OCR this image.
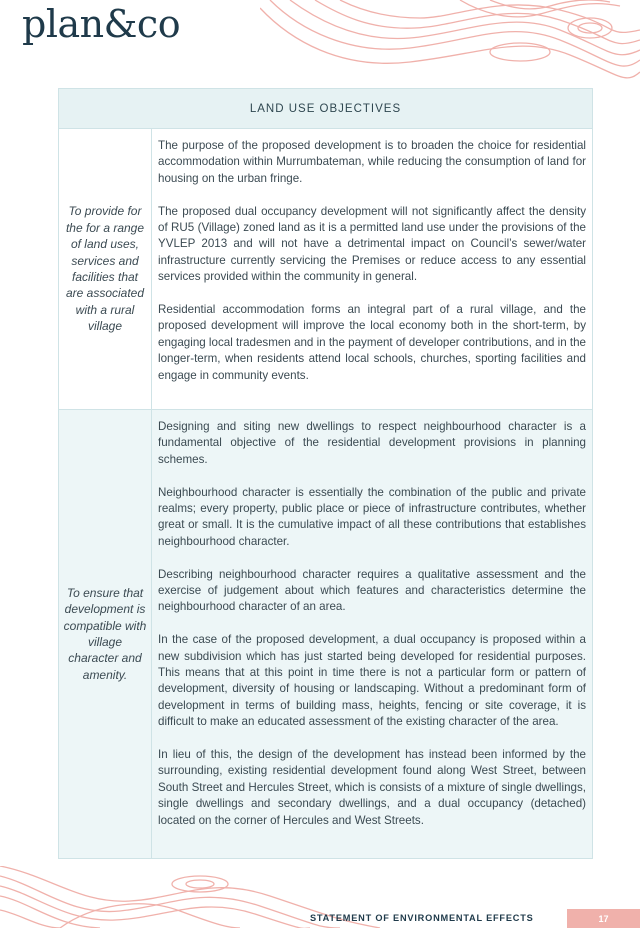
plan&co
LAND USE OBJECTIVES
To provide for the for a range of land uses, services and facilities that are associated with a rural village

The purpose of the proposed development is to broaden the choice for residential accommodation within Murrumbateman, while reducing the consumption of land for housing on the urban fringe.

The proposed dual occupancy development will not significantly affect the density of RU5 (Village) zoned land as it is a permitted land use under the provisions of the YVLEP 2013 and will not have a detrimental impact on Council’s sewer/water infrastructure currently servicing the Premises or reduce access to any essential services provided within the community in general.

Residential accommodation forms an integral part of a rural village, and the proposed development will improve the local economy both in the short-term, by engaging local tradesmen and in the payment of developer contributions, and in the longer-term, when residents attend local schools, churches, sporting facilities and engage in community events.

To ensure that development is compatible with village character and amenity.

Designing and siting new dwellings to respect neighbourhood character is a fundamental objective of the residential development provisions in planning schemes.

Neighbourhood character is essentially the combination of the public and private realms; every property, public place or piece of infrastructure contributes, whether great or small. It is the cumulative impact of all these contributions that establishes neighbourhood character.

Describing neighbourhood character requires a qualitative assessment and the exercise of judgement about which features and characteristics determine the neighbourhood character of an area.

In the case of the proposed development, a dual occupancy is proposed within a new subdivision which has just started being developed for residential purposes. This means that at this point in time there is not a particular form or pattern of development, diversity of housing or landscaping. Without a predominant form of development in terms of building mass, heights, fencing or site coverage, it is difficult to make an educated assessment of the existing character of the area.

In lieu of this, the design of the development has instead been informed by the surrounding, existing residential development found along West Street, between South Street and Hercules Street, which is consists of a mixture of single dwellings, single dwellings and secondary dwellings, and a dual occupancy (detached) located on the corner of Hercules and West Streets.

STATEMENT OF ENVIRONMENTAL EFFECTS	17
